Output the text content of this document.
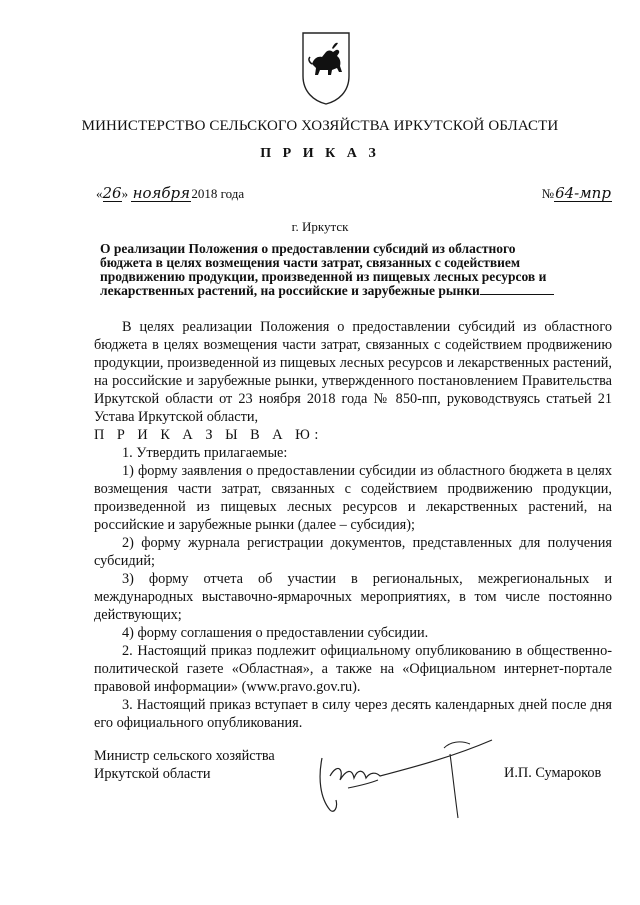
МИНИСТЕРСТВО СЕЛЬСКОГО ХОЗЯЙСТВА ИРКУТСКОЙ ОБЛАСТИ
П Р И К А З
«26» ноября2018 года	№64-мпр
г. Иркутск
О реализации Положения о предоставлении субсидий из областного
бюджета в целях возмещения части затрат, связанных с содействием
продвижению продукции, произведенной из пищевых лесных ресурсов и
лекарственных растений, на российские и зарубежные рынки

В целях реализации Положения о предоставлении субсидий из областного бюджета в целях возмещения части затрат, связанных с содействием продвижению продукции, произведенной из пищевых лесных ресурсов и лекарственных растений, на российские и зарубежные рынки, утвержденного постановлением Правительства Иркутской области от 23 ноября 2018 года № 850-пп, руководствуясь статьей 21 Устава Иркутской области,

П Р И К А З Ы В А Ю:

1. Утвердить прилагаемые:

1) форму заявления о предоставлении субсидии из областного бюджета в целях возмещения части затрат, связанных с содействием продвижению продукции, произведенной из пищевых лесных ресурсов и лекарственных растений, на российские и зарубежные рынки (далее – субсидия);

2) форму журнала регистрации документов, представленных для получения субсидий;

3) форму отчета об участии в региональных, межрегиональных и международных выставочно-ярмарочных мероприятиях, в том числе постоянно действующих;

4) форму соглашения о предоставлении субсидии.

2. Настоящий приказ подлежит официальному опубликованию в общественно-политической газете «Областная», а также на «Официальном интернет-портале правовой информации» (www.pravo.gov.ru).

3. Настоящий приказ вступает в силу через десять календарных дней после дня его официального опубликования.

Министр сельского хозяйства
Иркутской области	И.П. Сумароков
